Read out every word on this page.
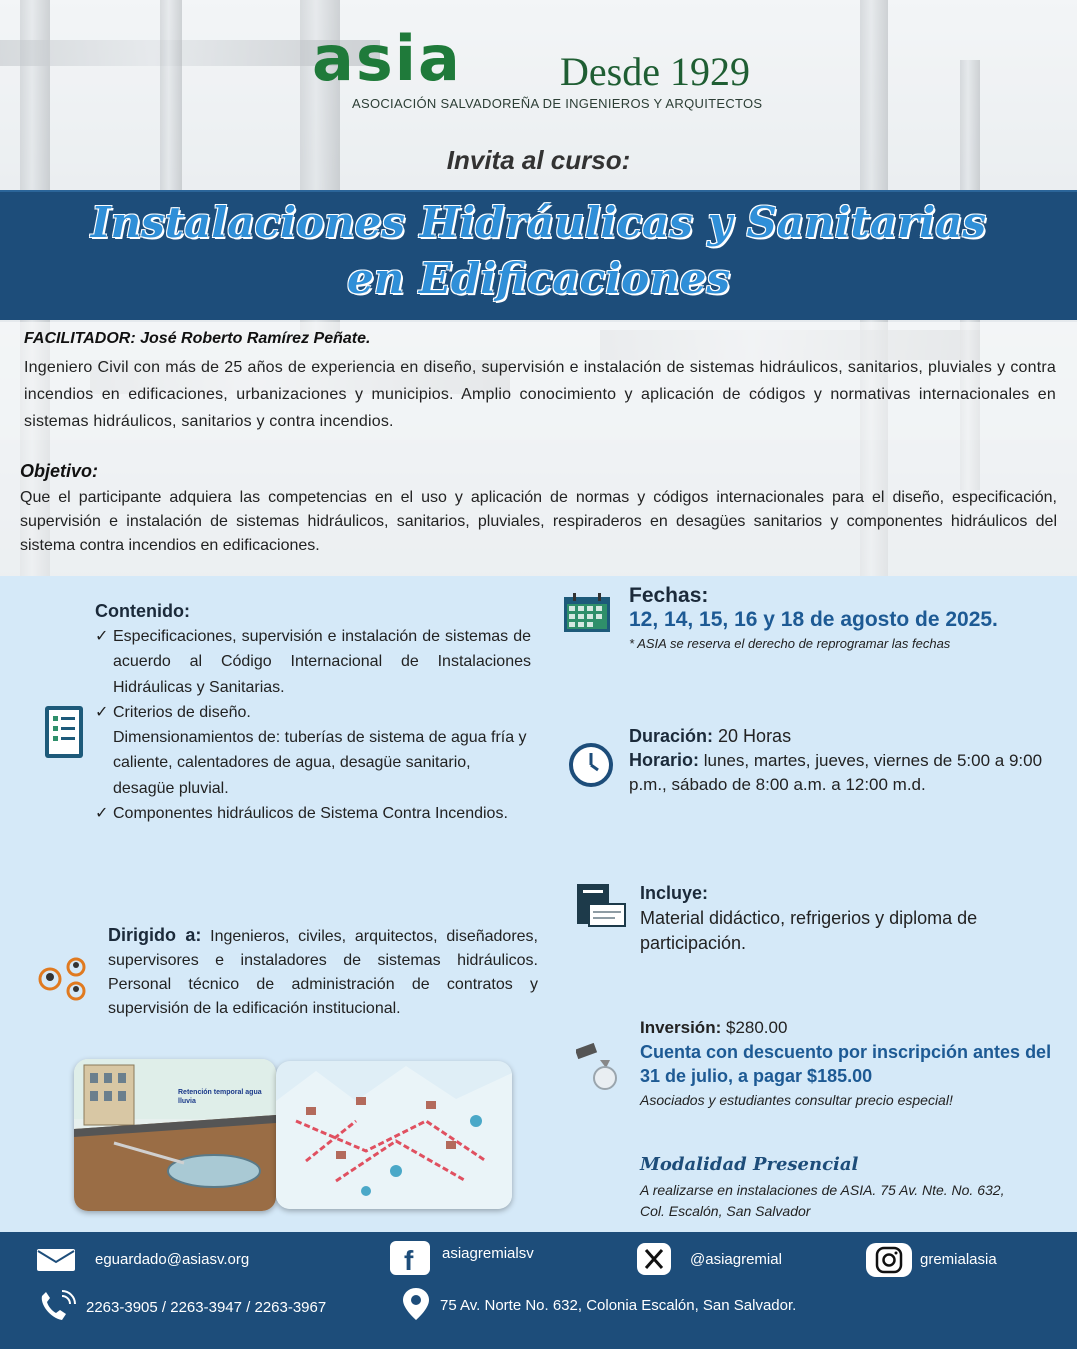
asia Desde 1929
ASOCIACIÓN SALVADOREÑA DE INGENIEROS Y ARQUITECTOS
Invita al curso:
Instalaciones Hidráulicas y Sanitarias
en Edificaciones
FACILITADOR: José Roberto Ramírez Peñate.
Ingeniero Civil con más de 25 años de experiencia en diseño, supervisión e instalación de sistemas hidráulicos, sanitarios, pluviales y contra incendios en edificaciones, urbanizaciones y municipios. Amplio conocimiento y aplicación de códigos y normativas internacionales en sistemas hidráulicos, sanitarios y contra incendios.
Objetivo:
Que el participante adquiera las competencias en el uso y aplicación de normas y códigos internacionales para el diseño, especificación, supervisión e instalación de sistemas hidráulicos, sanitarios, pluviales, respiraderos en desagües sanitarios y componentes hidráulicos del sistema contra incendios en edificaciones.
Contenido:
✓ Especificaciones, supervisión e instalación de sistemas de acuerdo al Código Internacional de Instalaciones Hidráulicas y Sanitarias.
✓ Criterios de diseño.
Dimensionamientos de: tuberías de sistema de agua fría y caliente, calentadores de agua, desagüe sanitario, desagüe pluvial.
✓ Componentes hidráulicos de Sistema Contra Incendios.
Dirigido a: Ingenieros, civiles, arquitectos, diseñadores, supervisores e instaladores de sistemas hidráulicos. Personal técnico de administración de contratos y supervisión de la edificación institucional.
Retención temporal agua lluvia
Fechas:
12, 14, 15, 16 y 18 de agosto de 2025.
* ASIA se reserva el derecho de reprogramar las fechas
Duración: 20 Horas
Horario: lunes, martes, jueves, viernes de 5:00 a 9:00 p.m., sábado de 8:00 a.m. a 12:00 m.d.
Incluye:
Material didáctico, refrigerios y diploma de participación.
Inversión: $280.00
Cuenta con descuento por inscripción antes del 31 de julio, a pagar $185.00
Asociados y estudiantes consultar precio especial!
Modalidad Presencial
A realizarse en instalaciones de ASIA. 75 Av. Nte. No. 632, Col. Escalón, San Salvador
eguardado@asiasv.org	f asiagremialsv	@asiagremial	gremialasia
2263-3905 / 2263-3947 / 2263-3967	75 Av. Norte No. 632, Colonia Escalón, San Salvador.
